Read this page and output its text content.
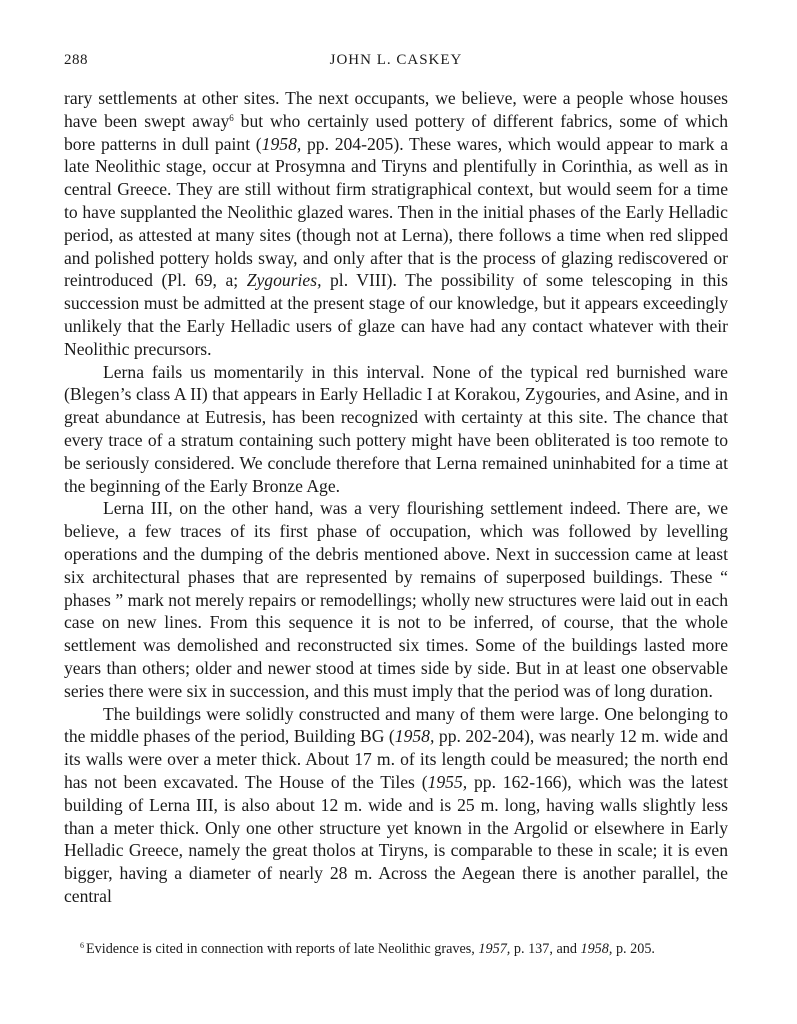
288	JOHN L. CASKEY

rary settlements at other sites. The next occupants, we believe, were a people whose houses have been swept away$^6$ but who certainly used pottery of different fabrics, some of which bore patterns in dull paint (1958, pp. 204-205). These wares, which would appear to mark a late Neolithic stage, occur at Prosymna and Tiryns and plentifully in Corinthia, as well as in central Greece. They are still without firm stratigraphical context, but would seem for a time to have supplanted the Neolithic glazed wares. Then in the initial phases of the Early Helladic period, as attested at many sites (though not at Lerna), there follows a time when red slipped and polished pottery holds sway, and only after that is the process of glazing rediscovered or reintroduced (Pl. 69, a; Zygouries, pl. VIII). The possibility of some telescoping in this succession must be admitted at the present stage of our knowledge, but it appears exceedingly unlikely that the Early Helladic users of glaze can have had any contact whatever with their Neolithic precursors.

Lerna fails us momentarily in this interval. None of the typical red burnished ware (Blegen’s class A II) that appears in Early Helladic I at Korakou, Zygouries, and Asine, and in great abundance at Eutresis, has been recognized with certainty at this site. The chance that every trace of a stratum containing such pottery might have been obliterated is too remote to be seriously considered. We conclude therefore that Lerna remained uninhabited for a time at the beginning of the Early Bronze Age.

Lerna III, on the other hand, was a very flourishing settlement indeed. There are, we believe, a few traces of its first phase of occupation, which was followed by levelling operations and the dumping of the debris mentioned above. Next in succession came at least six architectural phases that are represented by remains of superposed buildings. These “ phases ” mark not merely repairs or remodellings; wholly new structures were laid out in each case on new lines. From this sequence it is not to be inferred, of course, that the whole settlement was demolished and reconstructed six times. Some of the buildings lasted more years than others; older and newer stood at times side by side. But in at least one observable series there were six in succession, and this must imply that the period was of long duration.

The buildings were solidly constructed and many of them were large. One belonging to the middle phases of the period, Building BG (1958, pp. 202-204), was nearly 12 m. wide and its walls were over a meter thick. About 17 m. of its length could be measured; the north end has not been excavated. The House of the Tiles (1955, pp. 162-166), which was the latest building of Lerna III, is also about 12 m. wide and is 25 m. long, having walls slightly less than a meter thick. Only one other structure yet known in the Argolid or elsewhere in Early Helladic Greece, namely the great tholos at Tiryns, is comparable to these in scale; it is even bigger, having a diameter of nearly 28 m. Across the Aegean there is another parallel, the central

$^6$ Evidence is cited in connection with reports of late Neolithic graves, 1957, p. 137, and 1958, p. 205.
